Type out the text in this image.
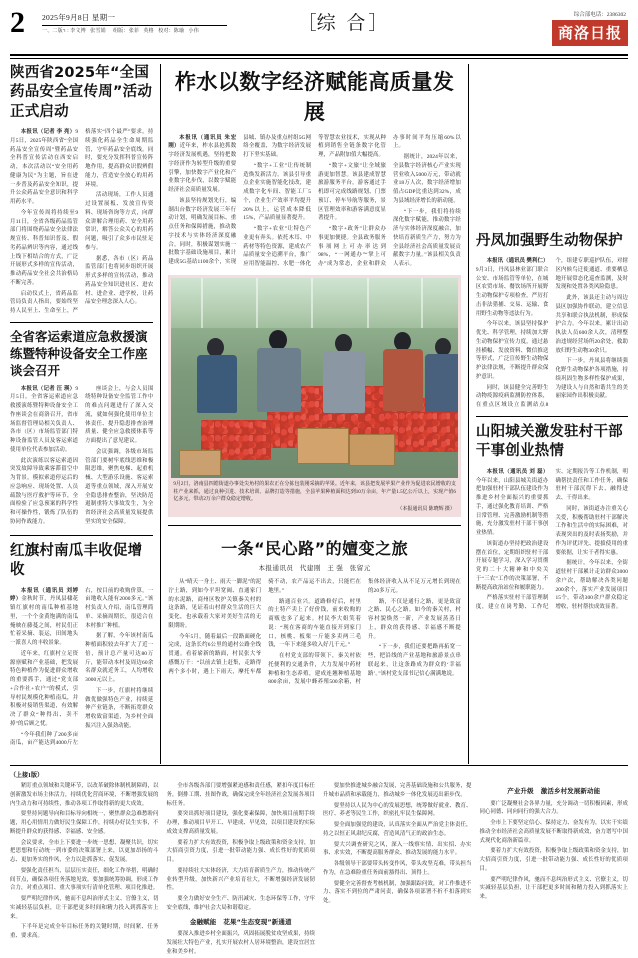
2	2025年9月8日 星期一
一、二版า : 李文博   张雪娟     组版：张菲   英格   校对：陈瑜   小伟	［综 合］	综合部电话：2386302
商洛日报
陕西省2025年“全国药品安全宣传周”活动正式启动

本报讯（记者 李 亮）9月5日，2025年陕西省“全国药品安全宣传周”暨药品安全科普宣传活动在西安启动，本次活动以“安全用药 健康为民”为主题，旨在进一步普及药品安全知识，提升公众药品安全意识和科学用药水平。

今年宣传周将持续至9月11日，全省各级药品监管部门将围绕药品安全法律法规宣传、科普知识普及、假劣药品辨识等内容，通过线上线下相结合的方式，广泛开展形式多样的宣传活动，推动药品安全社会共治格局不断完善。

启动仪式上，省药品监管局负责人指出，要始终坚持人民至上、生命至上，严格落实“四个最严”要求，持续强化药品全生命周期监管，守牢药品安全底线。同时，要充分发挥科普宣传阵地作用，提高群众识假辨假能力，营造安全放心的用药环境。

活动现场，工作人员通过设置展板、发放宣传资料、现场咨询等方式，向群众讲解合理用药、安全用药常识，解答公众关心的用药问题，吸引了众多市民驻足参与。

据悉，各市（区）药品监管部门也将同步组织开展形式多样的宣传活动，推动药品安全知识进社区、进农村、进企业、进学校，让药品安全理念深入人心。

全省客运索道应急救援演练暨特种设备安全工作座谈会召开

本报讯（记者 汪 瑛）9月5日，全省客运索道应急救援演练暨特种设备安全工作座谈会在商洛召开，省市场监督管理局相关负责人、各市（区）市场监管部门特种设备监管人员及客运索道使用单位代表参加活动。

此次演练以客运索道因突发故障导致乘客滞留空中为背景，模拟索道停运后的应急响应、现场处置、人员疏散与医疗救护等环节，全面检验了应急预案的科学性和可操作性，锻炼了队伍的协同作战能力。

座谈会上，与会人员围绕特种设备安全监管工作中的难点问题进行了深入交流，就如何强化使用单位主体责任、提升隐患排查治理质量、健全应急救援体系等方面提出了意见建议。

会议强调，各级市场监管部门要树牢底线思维和极限思维，聚焦电梯、起重机械、大型游乐设施、客运索道等重点领域，深入开展安全隐患排查整治，坚决防范遏制重特大事故发生，为全省经济社会高质量发展提供坚实的安全保障。

红旗村南瓜丰收促增收

本报讯（通讯员 刘婷婷）金秋时节，丹凤县棣花镇红旗村的南瓜种植基地里，一个个金黄饱满的南瓜掩映在藤蔓之间，村民们正忙着采摘、装运，田间地头一派喜人的丰收景象。

近年来，红旗村立足资源禀赋和产业基础，把发展特色种植作为促进群众增收的重要抓手，通过“党支部+合作社+农户”的模式，引导村民规模化种植南瓜，并积极对接销售渠道，有效解决了群众“种得出、卖不掉”的后顾之忧。

“今年我们种了200多亩南瓜，亩产能达到4000斤左右，按目前的收购价算，一亩地收入能有2000多元。”该村负责人介绍，南瓜管理简单、采摘周期长，很适合在本村推广种植。

据了解，今年该村南瓜种植面积较去年扩大了近一倍，预计总产量可达80万斤，能带动本村及周边60余名群众就近务工，人均增收3000元以上。

下一步，红旗村将继续做优做强特色产业，持续延伸产业链条，不断拓宽群众增收致富渠道，为乡村全面振兴注入强劲动能。

柞水以数字经济赋能高质量发展

本报讯（通讯员 朱宏刚）近年来，柞水县抢抓数字经济发展机遇，坚持把数字经济作为转型升级的重要引擎，加快数字产业化和产业数字化步伐，以数字赋能经济社会高质量发展。

该县坚持规划先行，编制出台数字经济发展三年行动计划，明确发展目标、重点任务和保障措施，推动数字技术与实体经济深度融合。同时，积极谋划实施一批数字基础设施项目，累计建成5G基站1100余个，实现县城、镇办及重点村组5G网络全覆盖，为数字经济发展打下坚实基础。

“数字+工业”让传统制造焕发新活力。该县引导重点企业实施智能化技改，建成数字化车间、智能工厂5个，企业生产效率平均提升20%以上，运营成本降低15%，产品质量显著提升。

“数字+农业”让特色产业更有奔头。依托木耳、中药材等特色资源，建成农产品质量安全追溯平台，推广应用智能温控、水肥一体化等智慧农业技术，实现从种植到销售全链条数字化管理，产品附加值大幅提高。

“数字+文旅”让全域旅游更加智慧。该县建成智慧旅游服务平台，游客通过手机即可完成线路规划、门票预订、停车导航等服务，景区管理效率和游客满意度显著提升。

“数字+政务”让群众办事更加便捷。全县政务服务事项网上可办率达到98%，“一网通办”“掌上可办”成为常态，企业和群众办事时间平均压缩60%以上。

据统计，2024年以来，全县数字经济核心产业实现营业收入5000万元，带动就业18万人次，数字经济增加值占GDP比重达到32%，成为县域经济增长的新动能。

“下一步，我们将持续深化数字赋能，推动数字经济与实体经济深度融合，加快培育新质生产力，努力为全县经济社会高质量发展贡献数字力量。”该县相关负责人表示。

9月2日，洛南县四皓街道办事处尖角村的果农正在分拣包装刚采摘的苹果。近年来，该县把发展苹果产业作为促进农民增收的支柱产业来抓，通过良种引进、技术培训、品牌打造等措施，全县苹果种植面积达到10万余亩，年产量1.5亿公斤以上，实现产值6亿多元，带动2万余户群众稳定增收。
（本报通讯员 陈晓辉 摄）
一条“民心路”的嬗变之旅
本报通讯员   代建刚   王 强   张留元

从“晴天一身土、雨天一脚泥”的泥泞土路，到如今平坦宽阔、直通家门的水泥路，商州区牧护关镇秦关村的这条路，见证着山村群众生活的巨大变化，也承载着大家对美好生活的无限期盼。

今年5月，随着最后一段路面硬化完成，这条长约6公里的通村公路全线贯通。看着崭新的路面，村民张大爷感慨万千：“以前去镇上赶集，走路得两个多小时，遇上下雨天，摩托车都骑不动，农产品运不出去，只能烂在地里。”

路通百业兴。道路修好后，村里的土特产卖上了好价钱，前来收购的商贩也多了起来。村民李大姐笑着说：“现在客商的车能直接开到家门口，核桃、板栗一斤能多卖两三毛钱，一年下来能多收入好几千元。”

在村党支部的带领下，秦关村依托便利的交通条件，大力发展中药材种植和生态养殖，建成连翘种植基地800余亩，发展中蜂养殖500余箱，村集体经济收入从不足万元增长到现在的20多万元。

路，不仅是通行之路，更是致富之路、民心之路。如今的秦关村，村容村貌焕然一新，产业发展蒸蒸日上，群众的获得感、幸福感不断提升。

“下一步，我们还要把路再拓宽一些，把沿线的产业基地和旅游景点串联起来，让这条路成为群众的‘幸福路’。”该村党支部书记信心满满地说。

丹凤加强野生动物保护

本报讯（通讯员 樊利仁）9月3日，丹凤县林业部门联合公安、市场监管等单位，在城区农贸市场、餐饮场所开展野生动物保护专项检查，严厉打击非法猎捕、交易、运输、食用野生动物等违法行为。

今年以来，该县坚持保护优先、科学管理，持续加大野生动物保护宣传力度，通过悬挂横幅、发放资料、微信推送等形式，广泛宣传野生动物保护法律法规，不断提升群众保护意识。

同时，该县健全完善野生动物疫源疫病监测防控体系，在重点区域设立监测站点8个，组建专职巡护队伍，对辖区内候鸟迁徙通道、重要栖息地开展常态化巡查监测，及时发现和处置各类风险隐患。

此外，该县还主动与周边县区加强协作联动，建立信息共享和联合执法机制，形成保护合力。今年以来，累计出动执法人员600余人次，清理整治违规经营场所20余处，救助放归野生动物30余只。

下一步，丹凤县将继续强化野生动物保护各项措施，持续巩固生物多样性保护成果，为建设人与自然和谐共生的美丽家园作出积极贡献。

山阳城关激发驻村干部干事创业热情

本报讯（通讯员 刘 磊）今年以来，山阳县城关街道办把加强驻村干部队伍建设作为推进乡村全面振兴的重要抓手，通过强化教育培训、严格日常管理、完善激励机制等措施，充分激发驻村干部干事创业热情。

该街道办坚持把政治建设摆在首位，定期组织驻村干部开展专题学习，深入学习贯彻党的二十大精神和中央关于“三农”工作的决策部署，不断提高政治站位和履职能力。

严格落实驻村干部管理制度，建立在岗考勤、工作纪实、定期报告等工作机制，明确帮扶责任和工作任务，确保驻村干部沉得下去、融得进去、干得出来。

同时，该街道办注重关心关爱，积极帮助驻村干部解决工作和生活中的实际困难，对表现突出的及时表扬奖励，并作为评优评先、提拔使用的重要依据，让实干者得实惠。

据统计，今年以来，全街道驻村干部累计走访群众3000余户次，帮助解决各类问题200余个，落实产业发展项目15个，带动300余户群众稳定增收，驻村帮扶成效显著。

（上接1版）

紧盯重点领域和关键环节，以改革破除体制机制障碍，以创新激发市场主体活力，持续优化营商环境，不断增强发展的内生动力和可持续性，推动各项工作取得新的更大成效。

要坚持问题导向和目标导向相统一，聚焦群众急难愁盼问题，用心用情用力做好民生保障工作，持续办好民生实事，不断提升群众的获得感、幸福感、安全感。

会议要求，全市上下要进一步统一思想、凝聚共识，切实把思想和行动统一到市委的决策部署上来，以更加昂扬的斗志、更加务实的作风，全力以赴抓落实、促发展。

要强化责任担当，层层压实责任，细化工作举措，明确时间节点，确保各项任务落地见效。要加强统筹协调，形成工作合力，对重点项目、重大事项实行清单化管理、项目化推进。

要严明纪律作风，驰而不息纠治形式主义、官僚主义，切实减轻基层负担，让干部把更多时间和精力投入到抓落实上来。

下半年是完成全年目标任务的关键时期，时间紧、任务重、要求高。

全市各级各部门要增强紧迫感和责任感，紧扣年度目标任务，倒排工期、挂图作战，确保完成全年经济社会发展各项目标任务。

要突出抓好项目建设，强化要素保障，加快项目前期手续办理，推动项目早开工、早建成、早见效，以项目建设的实际成效支撑高质量发展。

要着力扩大有效投资，积极争取上级政策和资金支持，加大招商引资力度，引进一批带动能力强、成长性好的优质项目。

要持续壮大实体经济，大力培育新质生产力，推动传统产业转型升级，加快新兴产业培育壮大，不断增强经济发展韧性。

要全力做好安全生产、防汛减灾、生态环保等工作，守牢安全底线，维护社会大局和谐稳定。

金融赋能   花果“生态变现”新通道

要深入推进乡村全面振兴，巩固拓展脱贫攻坚成果，持续发展壮大特色产业，扎实开展农村人居环境整治，建设宜居宜业和美乡村。

要加快推进城乡融合发展，完善基础设施和公共服务，提升城市品质和承载能力，推动城乡一体化发展迈出新步伐。

要坚持以人民为中心的发展思想，统筹做好就业、教育、医疗、养老等民生工作，织密扎牢民生保障网。

要全面加强党的建设，认真落实全面从严治党主体责任，持之以恒正风肃纪反腐，营造风清气正的政治生态。

要大兴调查研究之风，深入一线察实情、出实招、办实事、求实效，不断提高服务群众、推动发展的能力水平。

各级领导干部要带头转变作风，带头攻坚克难，带头担当作为，在急难险重任务面前豁得出、顶得上。

要健全完善督查考核机制，加强跟踪问效，对工作推进不力、落实不到位的严肃问责，确保各项部署不折不扣落到实处。

产业升级   激活乡村发展新动能

要广泛凝聚社会各界力量，充分调动一切积极因素，形成同心同德、同向同行的强大合力。

全市上下要坚定信心、保持定力、奋发有为，以实干实绩推动全市经济社会高质量发展不断取得新成效，奋力谱写中国式现代化商洛新篇章。

要着力扩大有效投资，积极争取上级政策和资金支持，加大招商引资力度，引进一批带动能力强、成长性好的优质项目。

要严明纪律作风，驰而不息纠治形式主义、官僚主义，切实减轻基层负担，让干部把更多时间和精力投入到抓落实上来。
